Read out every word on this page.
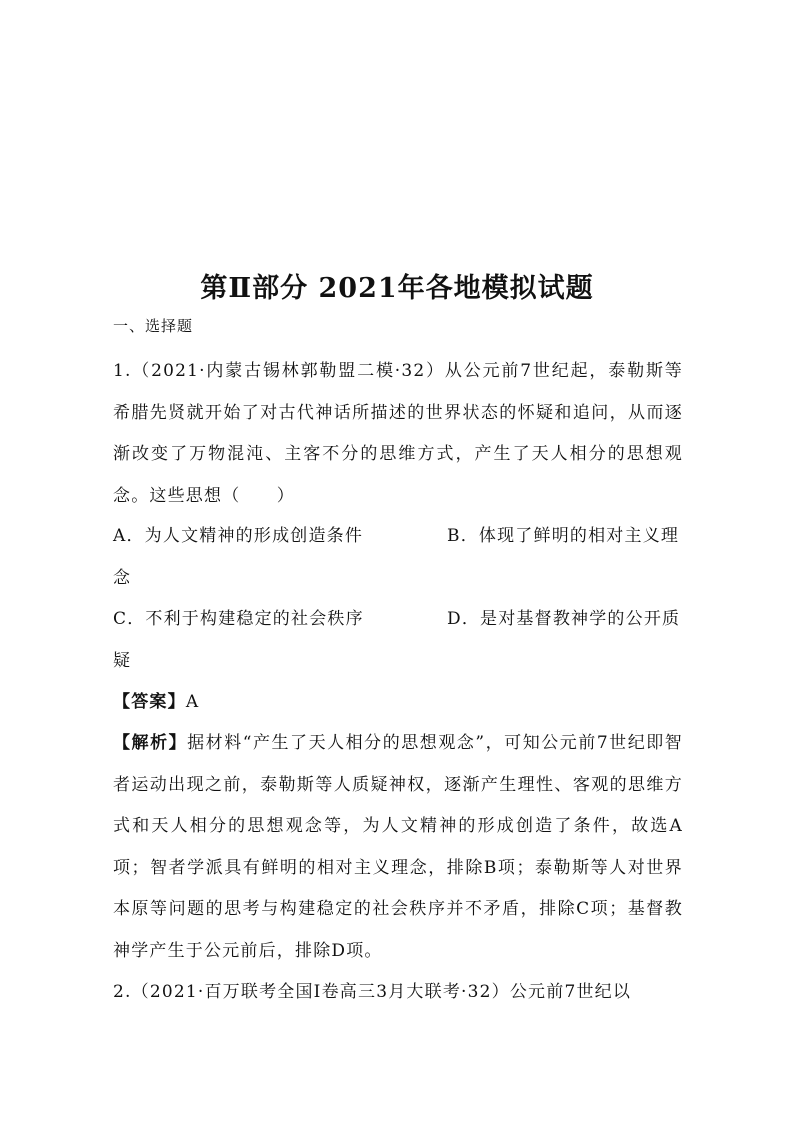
第Ⅱ部分 2021年各地模拟试题
一、选择题

1.（2021·内蒙古锡林郭勒盟二模·32）从公元前7世纪起，泰勒斯等希腊先贤就开始了对古代神话所描述的世界状态的怀疑和追问，从而逐渐改变了万物混沌、主客不分的思维方式，产生了天人相分的思想观念。这些思想（　　）

A．为人文精神的形成创造条件	B．体现了鲜明的相对主义理
念
C．不利于构建稳定的社会秩序	D．是对基督教神学的公开质
疑
【答案】A

【解析】据材料“产生了天人相分的思想观念”，可知公元前7世纪即智者运动出现之前，泰勒斯等人质疑神权，逐渐产生理性、客观的思维方式和天人相分的思想观念等，为人文精神的形成创造了条件，故选A项；智者学派具有鲜明的相对主义理念，排除B项；泰勒斯等人对世界本原等问题的思考与构建稳定的社会秩序并不矛盾，排除C项；基督教神学产生于公元前后，排除D项。

2.（2021·百万联考全国Ⅰ卷高三3月大联考·32）公元前7世纪以
